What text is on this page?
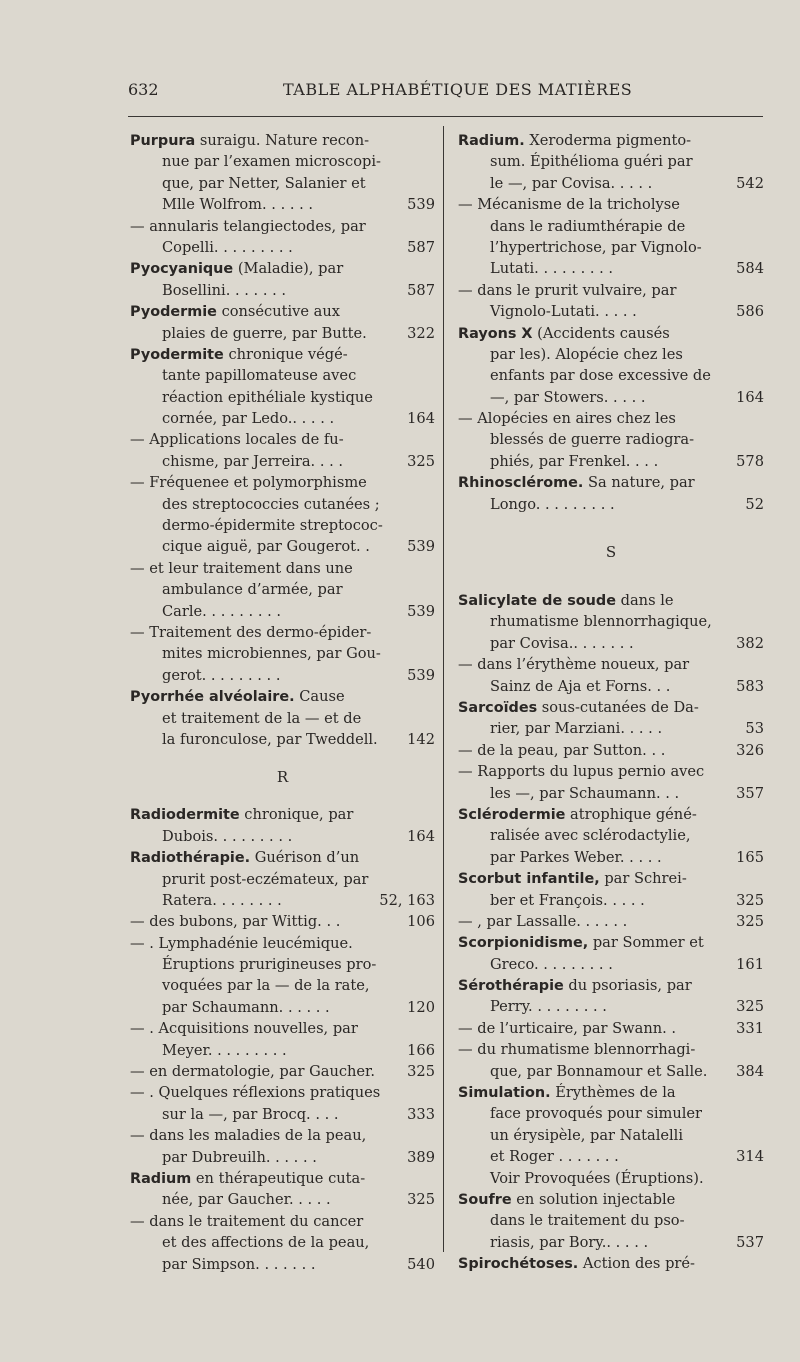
632	TABLE ALPHABÉTIQUE DES MATIÈRES
Purpura suraigu. Nature recon-
nue par l’examen microscopi-
que, par Netter, Salanier et
Mlle Wolfrom. . . . . .	539
— annularis telangiectodes, par
Copelli. . . . . . . . .	587
Pyocyanique (Maladie), par
Bosellini. . . . . . .	587
Pyodermie consécutive aux
plaies de guerre, par Butte.	322
Pyodermite chronique végé-
tante papillomateuse avec
réaction epithéliale kystique
cornée, par Ledo.. . . . .	164
— Applications locales de fu-
chisme, par Jerreira. . . .	325
— Fréquenee et polymorphisme
des streptococcies cutanées ;
dermo-épidermite streptococ-
cique aiguë, par Gougerot. .	539
— et leur traitement dans une
ambulance d’armée, par
Carle. . . . . . . . .	539
— Traitement des dermo-épider-
mites microbiennes, par Gou-
gerot. . . . . . . . .	539
Pyorrhée alvéolaire. Cause
et traitement de la — et de
la furonculose, par Tweddell. 142
R
Radiodermite chronique, par
Dubois. . . . . . . . .	164
Radiothérapie. Guérison d’un
prurit post-eczémateux, par
Ratera. . . . . . . .	52, 163
— des bubons, par Wittig. . .	106
— . Lymphadénie leucémique.
Éruptions prurigineuses pro-
voquées par la — de la rate,
par Schaumann. . . . . .	120
— . Acquisitions nouvelles, par
Meyer. . . . . . . . .	166
— en dermatologie, par Gaucher. 325
— . Quelques réflexions pratiques
sur la —, par Brocq. . . .	333
— dans les maladies de la peau,
par Dubreuilh. . . . . .	389
Radium en thérapeutique cuta-
née, par Gaucher. . . . .	325
— dans le traitement du cancer
et des affections de la peau,
par Simpson. . . . . . .	540
Radium. Xeroderma pigmento-
sum. Épithélioma guéri par
le —, par Covisa. . . . .	542
— Mécanisme de la tricholyse
dans le radiumthérapie de
l’hypertrichose, par Vignolo-
Lutati. . . . . . . . .	584
— dans le prurit vulvaire, par
Vignolo-Lutati. . . . .	586
Rayons X (Accidents causés
par les). Alopécie chez les
enfants par dose excessive de
—, par Stowers. . . . .	164
— Alopécies en aires chez les
blessés de guerre radiogra-
phiés, par Frenkel. . . .	578
Rhinosclérome. Sa nature, par
Longo. . . . . . . . .	52
S
Salicylate de soude dans le
rhumatisme blennorrhagique,
par Covisa.. . . . . . .	382
— dans l’érythème noueux, par
Sainz de Aja et Forns. . .	583
Sarcoïdes sous-cutanées de Da-
rier, par Marziani. . . . .	53
— de la peau, par Sutton. . .	326
— Rapports du lupus pernio avec
les —, par Schaumann. . .	357
Sclérodermie atrophique géné-
ralisée avec sclérodactylie,
par Parkes Weber. . . . .	165
Scorbut infantile, par Schrei-
ber et François. . . . .	325
— , par Lassalle. . . . . .	325
Scorpionidisme, par Sommer et
Greco. . . . . . . . .	161
Sérothérapie du psoriasis, par
Perry. . . . . . . . .	325
— de l’urticaire, par Swann. .	331
— du rhumatisme blennorrhagi-
que, par Bonnamour et Salle. 384
Simulation. Érythèmes de la
face provoqués pour simuler
un érysipèle, par Natalelli
et Roger . . . . . . .	314
Voir Provoquées (Éruptions).
Soufre en solution injectable
dans le traitement du pso-
riasis, par Bory.. . . . .	537
Spirochétoses. Action des pré-
